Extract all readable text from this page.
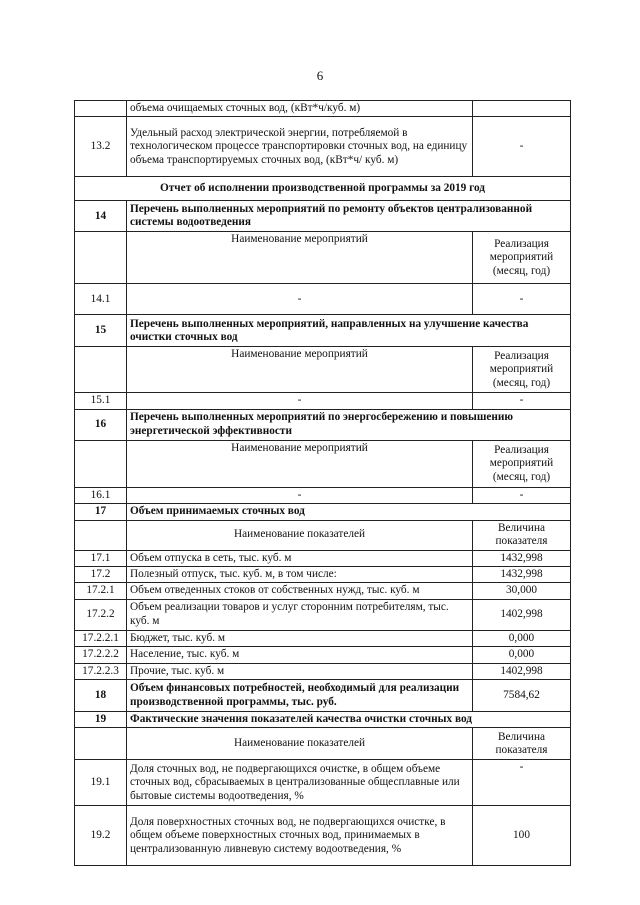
6
	объема очищаемых сточных вод, (кВт*ч/куб. м)	
13.2	Удельный расход электрической энергии, потребляемой в технологическом процессе транспортировки сточных вод, на единицу объема транспортируемых сточных вод, (кВт*ч/ куб. м)	-
Отчет об исполнении производственной программы за 2019 год		
14	Перечень выполненных мероприятий по ремонту объектов централизованной системы водоотведения	
	Наименование мероприятий	Реализация мероприятий (месяц, год)
14.1	-	-
15	Перечень выполненных мероприятий, направленных на улучшение качества очистки сточных вод	
	Наименование мероприятий	Реализация мероприятий (месяц, год)
15.1	-	-
16	Перечень выполненных мероприятий по энергосбережению и повышению энергетической эффективности	
	Наименование мероприятий	Реализация мероприятий (месяц, год)
16.1	-	-
17	Объем принимаемых сточных вод	
	Наименование показателей	Величина показателя
17.1	Объем отпуска в сеть, тыс. куб. м	1432,998
17.2	Полезный отпуск, тыс. куб. м, в том числе:	1432,998
17.2.1	Объем отведенных стоков от собственных нужд, тыс. куб. м	30,000
17.2.2	Объем реализации товаров и услуг сторонним потребителям, тыс. куб. м	1402,998
17.2.2.1	Бюджет, тыс. куб. м	0,000
17.2.2.2	Население, тыс. куб. м	0,000
17.2.2.3	Прочие, тыс. куб. м	1402,998
18	Объем финансовых потребностей, необходимый для реализации производственной программы, тыс. руб.	7584,62
19	Фактические значения показателей качества очистки сточных вод	
	Наименование показателей	Величина показателя
19.1	Доля сточных вод, не подвергающихся очистке, в общем объеме сточных вод, сбрасываемых в централизованные общесплавные или бытовые системы водоотведения, %	-
19.2	Доля поверхностных сточных вод, не подвергающихся очистке, в общем объеме поверхностных сточных вод, принимаемых в централизованную ливневую систему водоотведения, %	100
